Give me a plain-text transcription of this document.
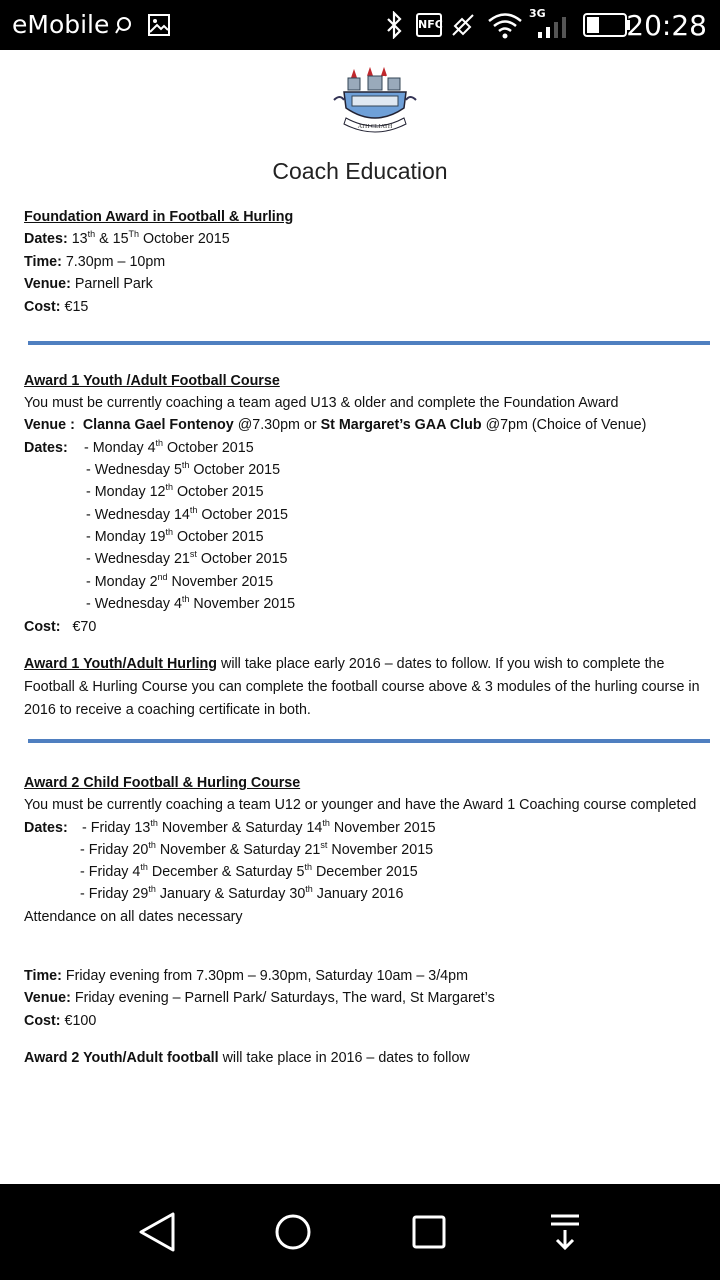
eMobile	NFC
3G	20:28
ATH CLIATH
Coach Education
Foundation Award in Football & Hurling
Dates: 13th & 15Th October 2015
Time: 7.30pm – 10pm
Venue: Parnell Park
Cost: €15
Award 1 Youth /Adult Football Course
You must be currently coaching a team aged U13 & older and complete the Foundation Award
Venue : Clanna Gael Fontenoy @7.30pm or St Margaret’s GAA Club @7pm (Choice of Venue)
Dates: - Monday 4th October 2015
- Wednesday 5th October 2015
- Monday 12th October 2015
- Wednesday 14th October 2015
- Monday 19th October 2015
- Wednesday 21st October 2015
- Monday 2nd November 2015
- Wednesday 4th November 2015
Cost: €70
Award 1 Youth/Adult Hurling will take place early 2016 – dates to follow. If you wish to complete the
Football & Hurling Course you can complete the football course above & 3 modules of the hurling course in
2016 to receive a coaching certificate in both.
Award 2 Child Football & Hurling Course
You must be currently coaching a team U12 or younger and have the Award 1 Coaching course completed
Dates: - Friday 13th November & Saturday 14th November 2015
- Friday 20th November & Saturday 21st November 2015
- Friday 4th December & Saturday 5th December 2015
- Friday 29th January & Saturday 30th January 2016
Attendance on all dates necessary
Time: Friday evening from 7.30pm – 9.30pm, Saturday 10am – 3/4pm
Venue: Friday evening – Parnell Park/ Saturdays, The ward, St Margaret’s
Cost: €100
Award 2 Youth/Adult football will take place in 2016 – dates to follow
